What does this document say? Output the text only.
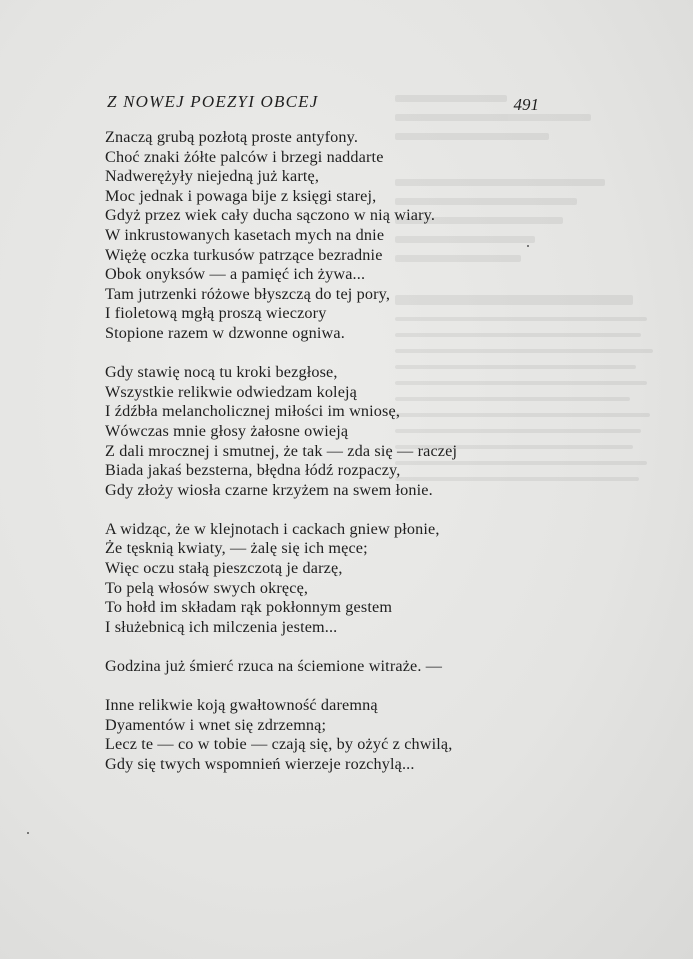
Z NOWEJ POEZYI OBCEJ	491
Znaczą grubą pozłotą proste antyfony.
Choć znaki żółte palców i brzegi naddarte
Nadwerężyły niejedną już kartę,
Moc jednak i powaga bije z księgi starej,
Gdyż przez wiek cały ducha sączono w nią wiary.
W inkrustowanych kasetach mych na dnie
Więżę oczka turkusów patrzące bezradnie
Obok onyksów — a pamięć ich żywa...
Tam jutrzenki różowe błyszczą do tej pory,
I fioletową mgłą proszą wieczory
Stopione razem w dzwonne ogniwa.
Gdy stawię nocą tu kroki bezgłose,
Wszystkie relikwie odwiedzam koleją
I źdźbła melancholicznej miłości im wniosę,
Wówczas mnie głosy żałosne owieją
Z dali mrocznej i smutnej, że tak — zda się — raczej
Biada jakaś bezsterna, błędna łódź rozpaczy,
Gdy złoży wiosła czarne krzyżem na swem łonie.
A widząc, że w klejnotach i cackach gniew płonie,
Że tęsknią kwiaty, — żalę się ich męce;
Więc oczu stałą pieszczotą je darzę,
To pelą włosów swych okręcę,
To hołd im składam rąk pokłonnym gestem
I służebnicą ich milczenia jestem...
Godzina już śmierć rzuca na ściemione witraże. —
Inne relikwie koją gwałtowność daremną
Dyamentów i wnet się zdrzemną;
Lecz te — co w tobie — czają się, by ożyć z chwilą,
Gdy się twych wspomnień wierzeje rozchylą...
